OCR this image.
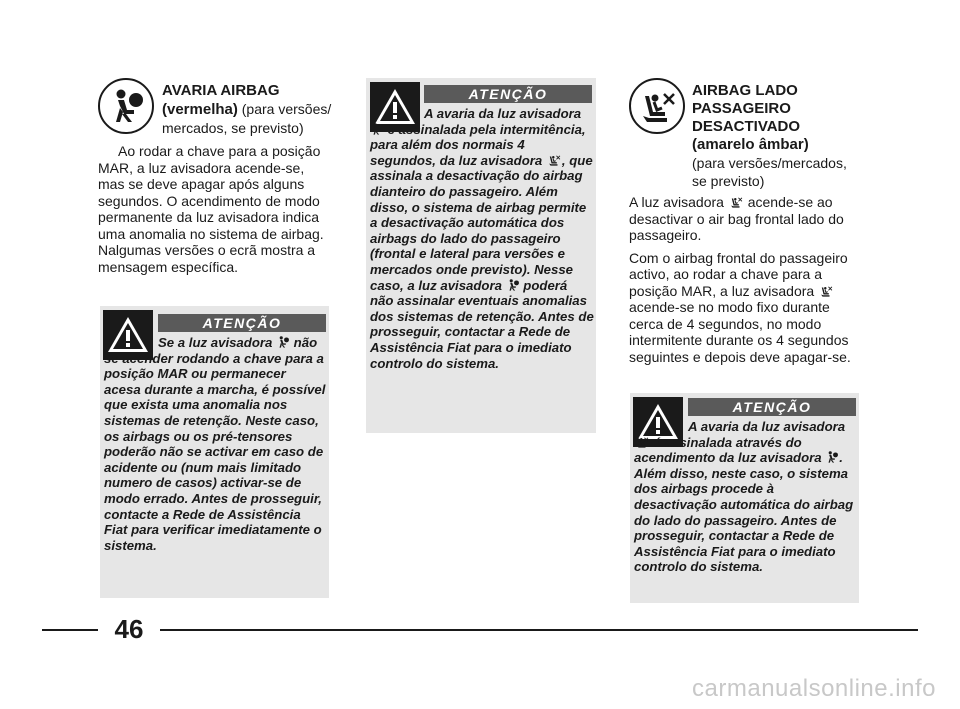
AVARIA AIRBAG
(vermelha) (para versões/
mercados, se previsto)

Ao rodar a chave para a posição MAR, a luz avisadora acende-se, mas se deve apagar após alguns segundos. O acendimento de modo permanente da luz avisadora indica uma anomalia no sistema de airbag. Nalgumas versões o ecrã mostra a mensagem específica.

ATENÇÃO
Se a luz avisadora  não se acender rodando a chave para a posição MAR ou permanecer acesa durante a marcha, é possível que exista uma anomalia nos sistemas de retenção. Neste caso, os airbags ou os pré-tensores poderão não se activar em caso de acidente ou (num mais limitado numero de casos) activar-se de modo errado. Antes de prosseguir, contacte a Rede de Assistência Fiat para verificar imediatamente o sistema.
ATENÇÃO
A avaria da luz avisadora  é assinalada pela intermitência, para além dos normais 4 segundos, da luz avisadora , que assinala a desactivação do airbag dianteiro do passageiro. Além disso, o sistema de airbag permite a desactivação automática dos airbags do lado do passageiro (frontal e lateral para versões e mercados onde previsto). Nesse caso, a luz avisadora  poderá não assinalar eventuais anomalias dos sistemas de retenção. Antes de prosseguir, contactar a Rede de Assistência Fiat para o imediato controlo do sistema.
AIRBAG LADO
PASSAGEIRO
DESACTIVADO
(amarelo âmbar)
(para versões/mercados,
se previsto)

A luz avisadora  acende-se ao desactivar o air bag frontal lado do passageiro.

Com o airbag frontal do passageiro activo, ao rodar a chave para a posição MAR, a luz avisadora  acende-se no modo fixo durante cerca de 4 segundos, no modo intermitente durante os 4 segundos seguintes e depois deve apagar-se.

ATENÇÃO
A avaria da luz avisadora  é assinalada através do acendimento da luz avisadora . Além disso, neste caso, o sistema dos airbags procede à desactivação automática do airbag do lado do passageiro. Antes de prosseguir, contactar a Rede de Assistência Fiat para o imediato controlo do sistema.
46
carmanualsonline.info
